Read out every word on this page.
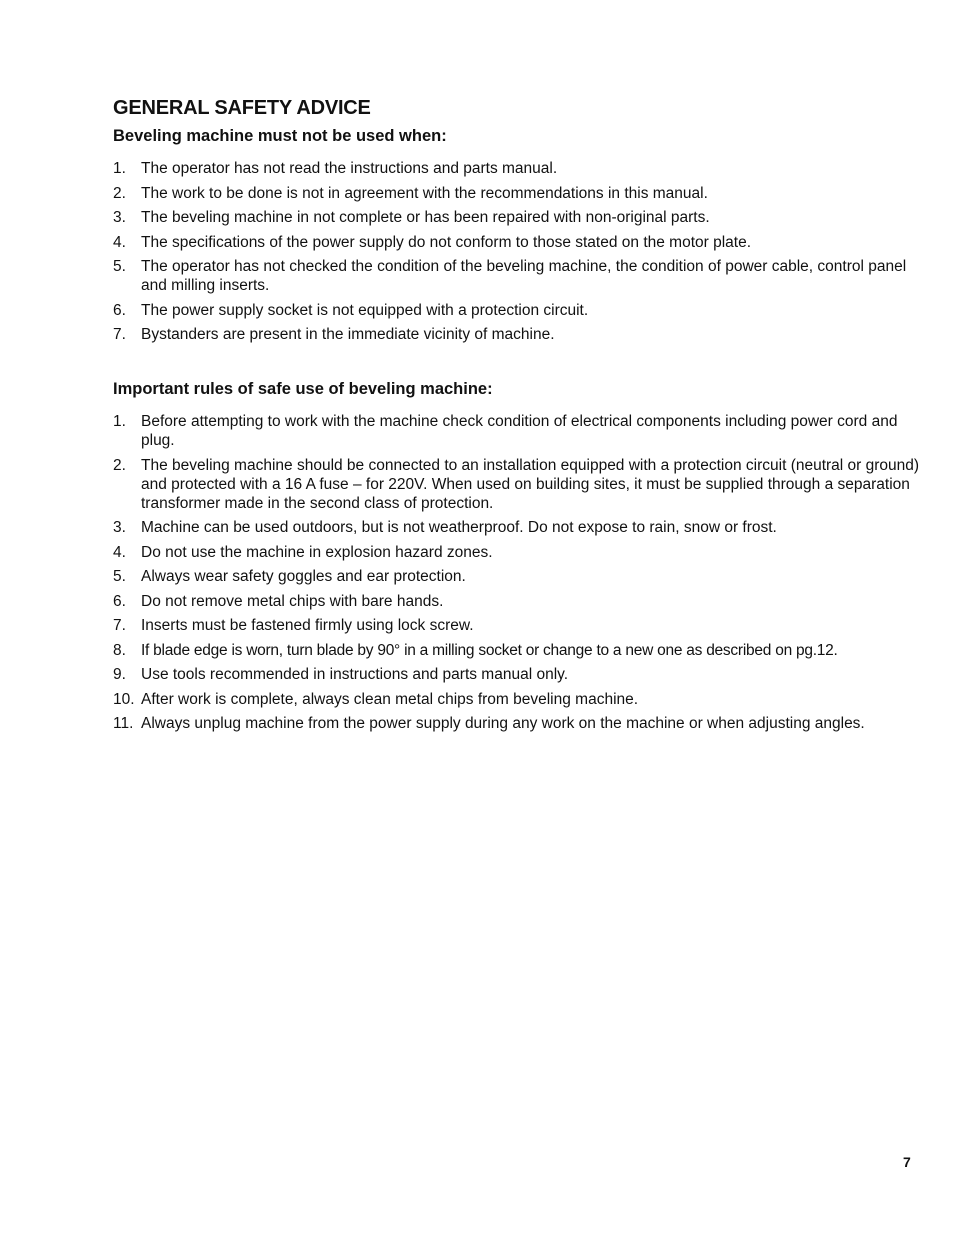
GENERAL SAFETY ADVICE
Beveling machine must not be used when:
1. The operator has not read the instructions and parts manual.
2. The work to be done is not in agreement with the recommendations in this manual.
3. The beveling machine in not complete or has been repaired with non-original parts.
4. The specifications of the power supply do not conform to those stated on the motor plate.
5. The operator has not checked the condition of the beveling machine, the condition of power cable, control panel and milling inserts.
6. The power supply socket is not equipped with a protection circuit.
7. Bystanders are present in the immediate vicinity of machine.
Important rules of safe use of beveling machine:
1. Before attempting to work with the machine check condition of electrical components including power cord and plug.
2. The beveling machine should be connected to an installation equipped with a protection circuit (neutral or ground) and protected with a 16 A fuse – for 220V. When used on building sites, it must be supplied through a separation transformer made in the second class of protection.
3. Machine can be used outdoors, but is not weatherproof. Do not expose to rain, snow or frost.
4. Do not use the machine in explosion hazard zones.
5. Always wear safety goggles and ear protection.
6. Do not remove metal chips with bare hands.
7. Inserts must be fastened firmly using lock screw.
8. If blade edge is worn, turn blade by 90° in a milling socket or change to a new one as described on pg.12.
9. Use tools recommended in instructions and parts manual only.
10. After work is complete, always clean metal chips from beveling machine.
11. Always unplug machine from the power supply during any work on the machine or when adjusting angles.
7
